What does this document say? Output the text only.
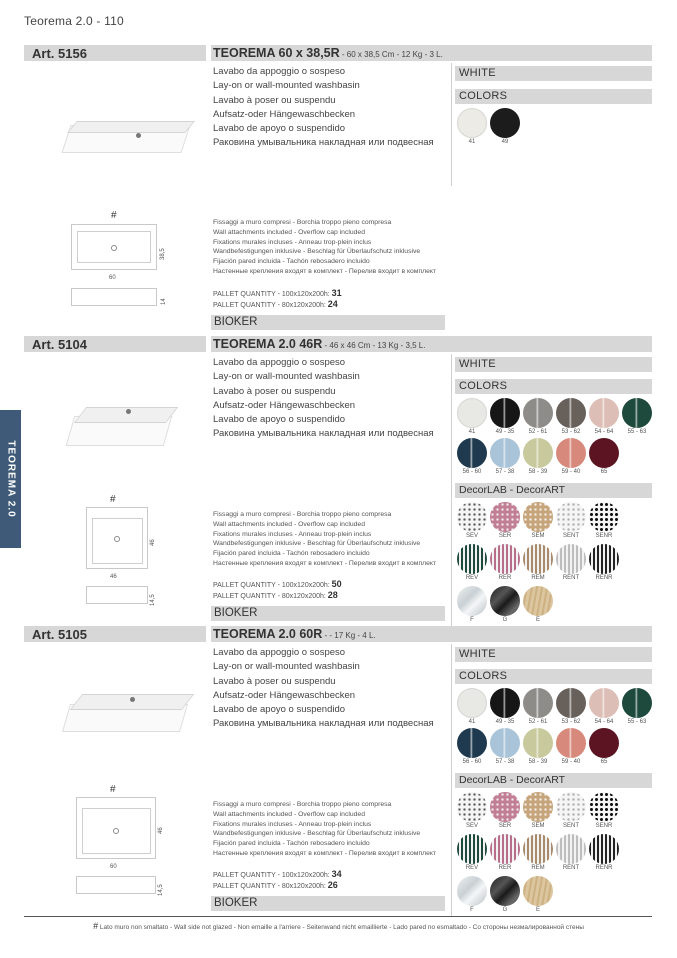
Teorema 2.0 - 110
TEOREMA 2.0
Art. 5156	TEOREMA 60 x 38,5R - 60 x 38,5 Cm - 12 Kg - 3 L.
Lavabo da appoggio o sospeso
Lay-on or wall-mounted washbasin
Lavabo à poser ou suspendu
Aufsatz-oder Hängewaschbecken
Lavabo de apoyo o suspendido
Раковина умывальника накладная или подвесная
#
38,5
60
14
Fissaggi a muro compresi - Borchia troppo pieno compresa
Wall attachments included - Overflow cap included
Fixations murales incluses - Anneau trop-plein inclus
Wandbefestigungen inklusive - Beschlag für Überlaufschutz inklusive
Fijación pared incluida - Tachón rebosadero incluido
Настенные крепления входят в комплект - Перелив входит в комплект
PALLET QUANTITY - 100x120x200h: 31
PALLET QUANTITY - 80x120x200h: 24
BIOKER
WHITE
COLORS
41	49
Art. 5104	TEOREMA 2.0 46R - 46 x 46 Cm - 13 Kg - 3,5 L.
Lavabo da appoggio o sospeso
Lay-on or wall-mounted washbasin
Lavabo à poser ou suspendu
Aufsatz-oder Hängewaschbecken
Lavabo de apoyo o suspendido
Раковина умывальника накладная или подвесная
#
46
46
14,5
Fissaggi a muro compresi - Borchia troppo pieno compresa
Wall attachments included - Overflow cap included
Fixations murales incluses - Anneau trop-plein inclus
Wandbefestigungen inklusive - Beschlag für Überlaufschutz inklusive
Fijación pared incluida - Tachón rebosadero incluido
Настенные крепления входят в комплект - Перелив входит в комплект
PALLET QUANTITY - 100x120x200h: 50
PALLET QUANTITY - 80x120x200h: 28
BIOKER
WHITE
COLORS
41	49 - 35	52 - 61	53 - 62	54 - 64	55 - 63
56 - 60	57 - 38	58 - 39	59 - 40	65
DecorLAB - DecorART
SEV	SER	SEM	SENT	SENR
REV	RER	REM	RENT	RENR
F	G	E
Art. 5105	TEOREMA 2.0 60R - - 17 Kg - 4 L.
Lavabo da appoggio o sospeso
Lay-on or wall-mounted washbasin
Lavabo à poser ou suspendu
Aufsatz-oder Hängewaschbecken
Lavabo de apoyo o suspendido
Раковина умывальника накладная или подвесная
#
46
60
14,5
Fissaggi a muro compresi - Borchia troppo pieno compresa
Wall attachments included - Overflow cap included
Fixations murales incluses - Anneau trop-plein inclus
Wandbefestigungen inklusive - Beschlag für Überlaufschutz inklusive
Fijación pared incluida - Tachón rebosadero incluido
Настенные крепления входят в комплект - Перелив входит в комплект
PALLET QUANTITY - 100x120x200h: 34
PALLET QUANTITY - 80x120x200h: 26
BIOKER
WHITE
COLORS
41	49 - 35	52 - 61	53 - 62	54 - 64	55 - 63
56 - 60	57 - 38	58 - 39	59 - 40	65
DecorLAB - DecorART
SEV	SER	SEM	SENT	SENR
REV	RER	REM	RENT	RENR
F	G	E
# Lato muro non smaltato - Wall side not glazed - Non emaille a l'arriere - Seitenwand nicht emaillierte - Lado pared no esmaltado - Со стороны незмалированной стены
